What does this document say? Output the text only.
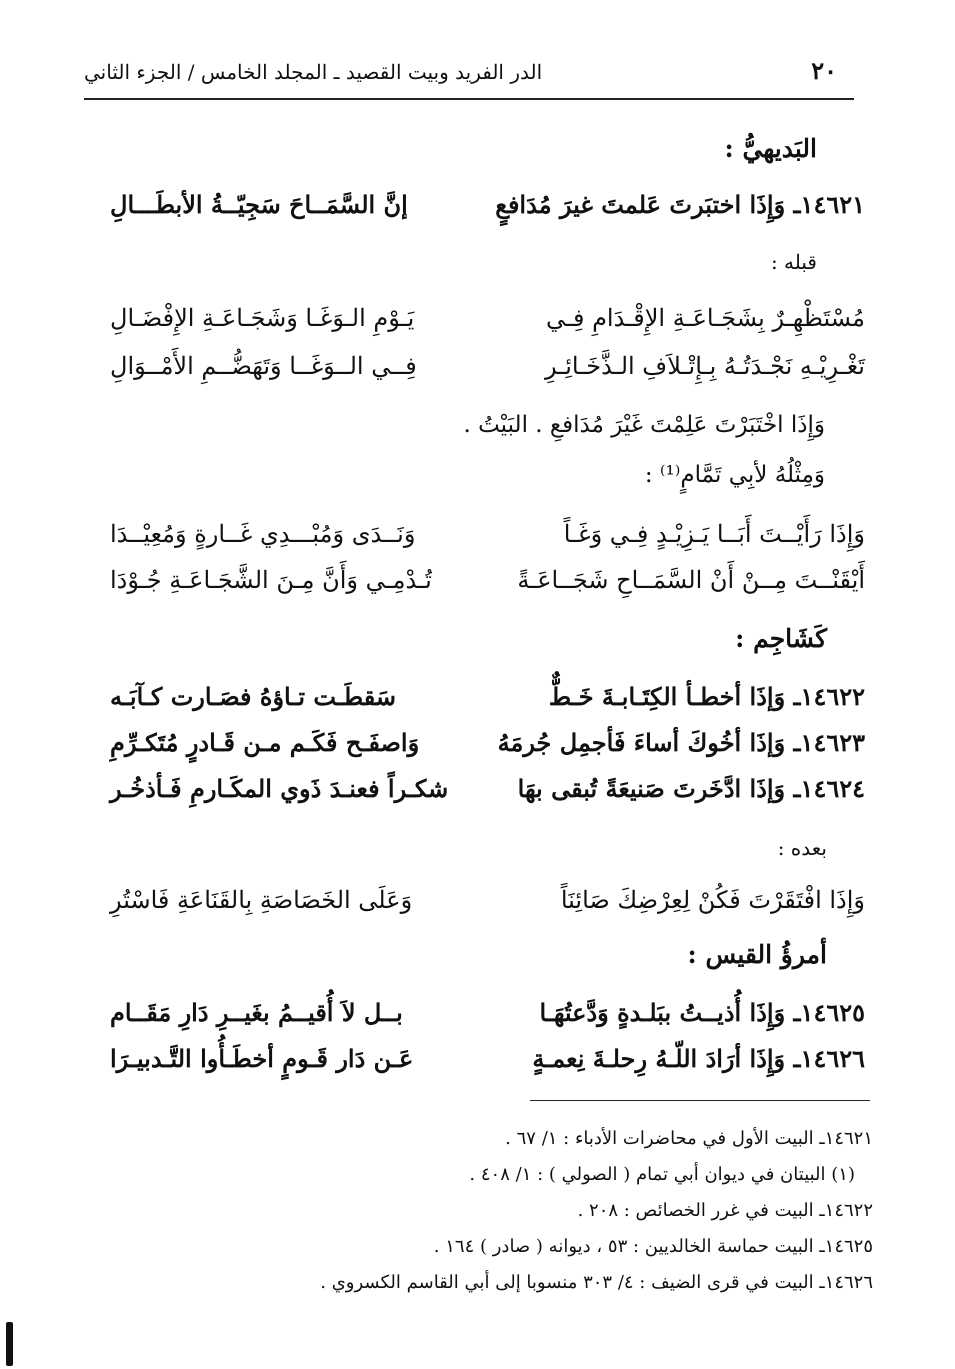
٢٠
الدر الفريد وبيت القصيد ـ المجلد الخامس / الجزء الثاني
البَديهيُّ :
١٤٦٢١ـ وَإِذَا اختبَرتَ عَلمتَ غيرَ مُدَافعٍ
إنَّ السَّمَــاحَ سَجِيّــةُ الأبطَـــالِ
قبله :
مُسْتَظْهِـرٌ بِشَجَـاعَـةِ الإِقْـدَامِ فِـي
يَـوْمِ الـوَغَـا وَشَجَـاعَـةِ الإِفْضَـالِ
تَغْـرِيْـهِ نَجْـدَتُـهُ بِـإِتْـلاَفِ الـذَّخَـائِـرِ
فِــي الــوَغَــا وَتَهَضُّــمِ الأَمْــوَالِ
وَإِذَا اخْتَبَرْتَ عَلِمْتَ غَيْرَ مُدَافعِ . البَيْتُ .
وَمِثْلُهُ لأبِي تَمَّامٍ⁽¹⁾ :
وَإِذَا رَأَيْــتَ أَبَــا يَـزِيْـدٍ فِـي وَغَـاً
وَنَــدَى وَمُبْـــدِي غَــارةٍ وَمُعِيْــدَا
أَيْقَنْــتَ مِــنْ أَنْ السَّمَــاحِ شَجَــاعَـةً
تُـدْمِـي وَأَنَّ مِـنَ الشَّجَـاعَـةِ جُـوْدَا
كَشَاجِم :
١٤٦٢٢ـ وَإذَا أخطـأ الكِتَـابـةَ خَـطٌّ
سَقطَـت تـاؤهُ فصَـارت كـآبَـه
١٤٦٢٣ـ وَإذَا أخُوكَ أساءَ فَأجمِل جُرمَهُ
وَاصفَـح فَكَـم مـن قَـادرٍ مُتَكـرِّمِ
١٤٦٢٤ـ وَإذَا ادَّخَرتَ صَنيعَةً تُبقى بهَا
شكـراً فعنـدَ ذَوي المكَـارمِ فَـأذخُـر
بعده :
وَإِذَا افْتَقَرْتَ فَكُنْ لِعِرْضِكَ صَائِنَاً
وَعَلَى الخَصَاصَةِ بِالقَنَاعَةِ فَاسْتُرِ
أمرؤُ القيس :
١٤٦٢٥ـ وَإِذَا أُذيــتُ ببَلـدةٍ وَدَّعتُهَـا
بــل لاَ أُقيــمُ بغَيــرِ دَارِ مَقَــام
١٤٦٢٦ـ وَإِذَا أرَادَ اللّـهُ رِحلـةَ نِعمـةٍ
عَـن دَار قَـومٍ أخطَـأُوا التَّـدبيـرَا
١٤٦٢١ـ البيت الأول في محاضرات الأدباء : ١/ ٦٧ .
(١) البيتان في ديوان أبي تمام ( الصولي ) : ١/ ٤٠٨ .
١٤٦٢٢ـ البيت في غرر الخصائص : ٢٠٨ .
١٤٦٢٥ـ البيت حماسة الخالديين : ٥٣ ، ديوانه ( صادر ) ١٦٤ .
١٤٦٢٦ـ البيت في قرى الضيف : ٤/ ٣٠٣ منسوبا إلى أبي القاسم الكسروي .
